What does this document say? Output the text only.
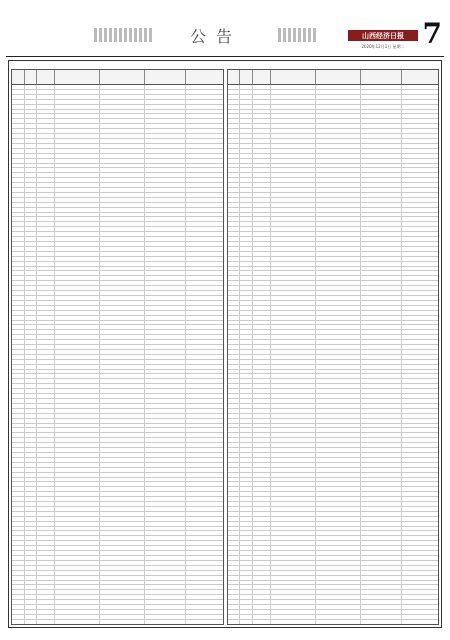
公告	山西经济日报 7
2020年12月1日 星期二
